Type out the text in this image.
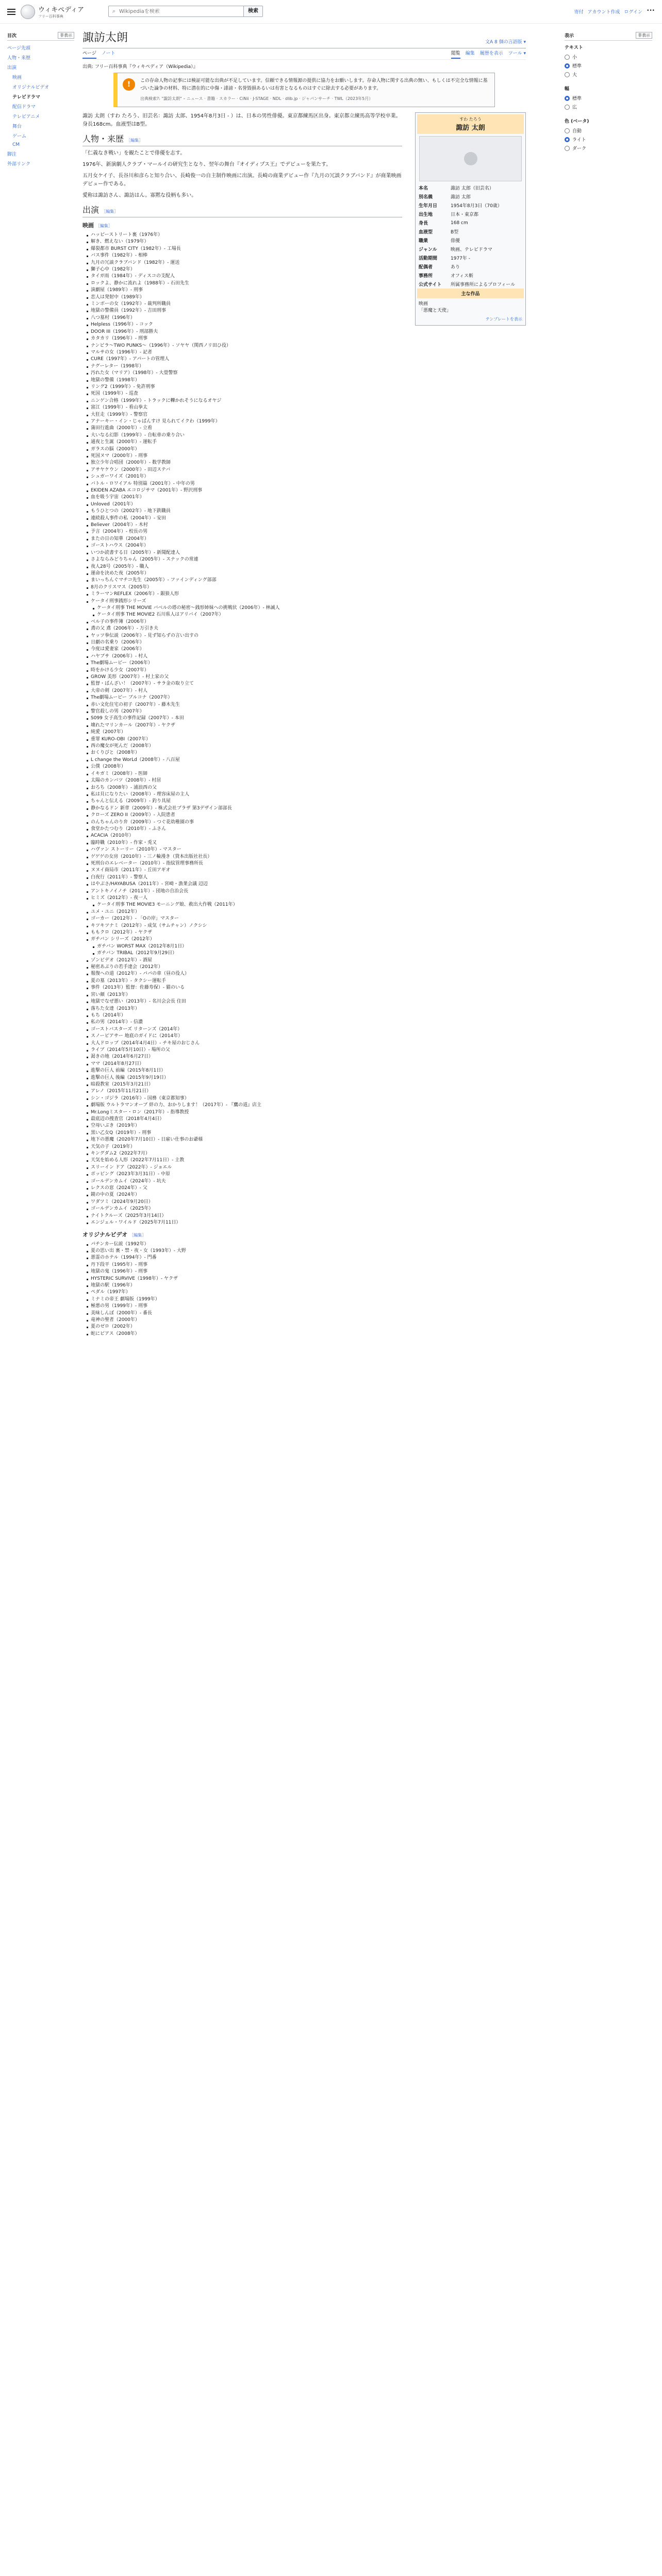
ウィキペディア
フリー百科事典
⌕
Wikipediaを検索	検索	寄付 アカウント作成 ログイン •••
目次	非表示
ページ先頭
人物・来歴
出演
映画
オリジナルビデオ
テレビドラマ
配信ドラマ
テレビアニメ
舞台
ゲーム
CM
脚注
外部リンク
諏訪太朗	文A 8 個の言語版 ▾
ページ ノート	閲覧 編集 履歴を表示 ツール ▾
出典: フリー百科事典『ウィキペディア（Wikipedia）』
!	この存命人物の記事には検証可能な出典が不足しています。信頼できる情報源の提供に協力をお願いします。存命人物に関する出典の無い、もしくは不完全な情報に基づいた論争の材料、特に潜在的に中傷・誹謗・名誉毀損あるいは有害となるものはすぐに除去する必要があります。
出典検索?: "諏訪太朗" – ニュース · 書籍 · スカラー · CiNii · J-STAGE · NDL · dlib.jp · ジャパンサーチ · TWL（2023年5月）
すわ たろう
諏訪 太朗
本名	諏訪 太郎（旧芸名）
別名義	諏訪 太郎
生年月日	1954年8月3日（70歳）
出生地	日本・東京都
身長	168 cm
血液型	B型
職業	俳優
ジャンル	映画、テレビドラマ
活動期間	1977年 -
配偶者	あり
事務所	オフィス斬
公式サイト	所属事務所によるプロフィール
主な作品
映画
「悪魔と天使」
テンプレートを表示

諏訪 太朗（すわ たろう、旧芸名：諏訪 太郎、1954年8月3日 - ）は、日本の男性俳優。東京都練馬区出身。東京都立練馬高等学校卒業。身長168cm。血液型はB型。

人物・来歴 ［編集］

「仁義なき戦い」を観たことで俳優を志す。

1976年、新演劇人クラブ・マールイの研究生となり、翌年の舞台『オイディプス王』でデビューを果たす。

五月女ケイ子、長谷川和彦らと知り合い、長崎俊一の自主制作映画に出演。長崎の商業デビュー作『九月の冗談クラブバンド』が商業映画デビュー作である。

愛称は諏訪さん、諏訪はん。寡黙な役柄も多い。

出演 ［編集］
映画 ［編集］
ハッピーストリート裏（1976年）
解き、燃えない（1979年）
爆裂都市 BURST CITY（1982年）- 工場長
バス事件（1982年）- 相棒
九月の冗談クラブバンド（1982年）- 運送
獅子心中（1982年）
タイガ雨（1984年）- ディスコの支配人
ロックよ、静かに流れよ（1988年）- 石田先生
演劇屋（1989年）- 刑事
恋人は発射中（1989年）
ミンボーの女（1992年）- 裁判所職員
地獄の警備員（1992年）- 吉田刑事
八つ墓村（1996年）
Helpless（1996年）- コック
DOOR III（1996年）- 刑部勝夫
カタカリ（1996年）- 刑事
ナンピラ〜TWO PUNKS〜（1996年）- ソヤヤ（関西ノリ田ひ役）
マルサの女（1996年）- 記者
CURE（1997年）- アパートの管理人
ナグーレター（1998年）
汚れた女（マリア）（1998年）- 大畳警察
地獄の警備（1998年）
リング2（1999年）- 免許刑事
死国（1999年）- 巡査
ニンゲン合格（1999年）- トラックに轢かれそうになるオヤジ
富江（1999年）- 看山拳太
大狂走（1999年）- 警察官
アナーキー・イン・じゃぱんすけ 見られてイクわ（1999年）
蒲田行進曲（2000年）- 立看
大いなる幻影（1999年）- 自転車の乗り合い
通夜と生誕（2000年）- 運転手
ガラスの脳（2000年）
死国ヌマ（2000年）- 刑事
独立少年合唱団（2000年）- 数学教師
アサヤケウン（2000年）- 田辺ステバ
シュガーワイズ（2001年）
バトル・ロワイアル 特別篇（2001年）- 中年の男
EKIDEN AZABA エコロジサマ（2001年）- 野沢刑事
血を吸う宇宙（2001年）
Unloved（2001年）
もうひとつの（2002年）- 地下鉄職員
連続殺人事件の私（2004年）- 安田
Believer（2004年）- 木村
予言（2004年）- 校長の男
またの日の知華（2004年）
ゴーストハウス（2004年）
いつか読書する日（2005年）- 新聞配達人
さよならみどりちゃん（2005年）- スナックの常連
夜人28号（2005年）- 職人
運命を決めた夜（2005年）
まいっちんぐマチコ先生（2005年）- ファインディング部部
8月のクリスマス（2005年）
ミラーマンREFLEX（2006年）- 銀狼人形
ケータイ刑事銭形シリーズ
ケータイ刑事 THE MOVIE バベルの塔の秘密〜銭形姉妹への挑戦状（2006年）- 林誠人
ケータイ刑事 THE MOVIE2 石川県人はアリバイ（2007年）
ベル子の事件簿（2006年）
鳶の父 鳶（2006年）- 万引き夫
ヤッツ拳伝説（2006年）- 見ず知らずの言い出すの
日劇の名乗り（2006年）
今度は愛妻家（2006年）
ハヤブサ（2006年）- 村人
The劇場ムービー（2006年）
時をかける少女（2007年）
GROW 美形（2007年）- 村上家の父
監督・ばんざい！（2007年）- サラ金の取り立て
大帝の剣（2007年）- 村人
The劇場ムービー ブルコナ（2007年）
赤い文化住宅の初子（2007年）- 藤木先生
警官殺しの男（2007年）
S099 女子高生の事件記録（2007年）- 本田
壊れたマリンカール（2007年）- ヤクザ
純愛（2007年）
重罪 KURO-OBI（2007年）
西の魔女が死んだ（2008年）
おくりびと（2008年）
L change the WorLd（2008年）- 八百屋
公僕（2008年）
イキガミ（2008年）- 医師
太陽のカンバツ（2008年）- 村居
おろち（2008年）- 浦浪西の父
私は貝になりたい（2008年）- 理容床屋の主人
ちゃんと伝える（2009年）- 釣り具屋
静かなるドン 新章（2009年）- 株式会社プラザ 第3デザイン部部長
クローズ ZERO II（2009年）- 入院患者
のんちゃんのり弁（2009年）- つぐ花幼稚園の事
食堂かたつむり（2010年）- ふさん
ACACIA（2010年）
臨時職（2010年）- 作家・兎又
ハヴァン ストーリー（2010年）- マスター
ゲゲゲの女房（2010年）- 三ノ輪漫き（貸本出版社社長）
死刑台のエレベーター（2010年）- 指紋管理事務所長
ヌヌイ商局市（2011年）- 丘田アギオ
白夜行（2011年）- 警察人
はやぶさ/HAYABUSA（2011年）- 宮崎・漁業会議 辺辺
アントキノイノチ（2011年）- 団地の自治会長
ヒミズ（2012年）- 夜一人
ケータイ刑事 THE MOVIE3 モーニング娘、救出大作戦（2011年）
ユメ・ユニ（2012年）
ゴーカー（2012年）- 「Oの岸」マスター
キツキツナミ（2012年）- 成気（サムチャン）ノクシシ
ももクロ（2012年）- ヤクザ
ガチバン シリーズ（2012年）
ガチバン WORST MAX（2012年8月1日）
ガチバン TRIBAL（2012年9月29日）
ゾンビデオ（2012年）- 酒屋
秘密あぶりの若手達会（2012年）
報復への道（2012年）- パパの車（昼の役人）
夏の墓（2013年）- タクシー運転手
事件（2013年）監督：佐藤寿保）- 猫のいる
宮い顔（2013年）
地獄でなぜ悪い（2013年）- 名川会会長 住田
落ちた女達（2013年）
もち（2014年）
私の男（2014年）- 信濃
ゴーストバスターズ リターンズ（2014年）
スノーピアサー 地底のガイドに（2014年）
大人ドロップ（2014年4月4日）- チキ屋のおじさん
ライブ（2014年5月10日）- 場所の父
渇きの地（2014年6月27日）
ママ（2014年8月27日）
進撃の巨人 前編（2015年8月1日）
進撃の巨人 後編（2015年9月19日）
暗殺教室（2015年3月21日）
アレノ（2015年11月21日）
シン・ゴジラ（2016年）- 国務（東京都知事）
劇場版 ウルトラマンオーブ 絆の力、おかりします！（2017年）- 『鷹の道』店主
Mr.Longミスター・ロン（2017年）- 指導教授
最底辺の捜査官（2018年4月4日）
空母いぶき（2019年）
黒い乙女Q（2019年）- 刑事
地下の悪魔（2020年7月10日）- 日雇い仕事のお爺様
天気の子（2019年）
キングダム2（2022年7月）
天気を始める人形（2022年7月11日）- 主教
スリーイン ドア（2022年）- ジョエル
ポッピング（2023年3月31日）- 中原
ゴールデンカムイ（2024年）- 坑夫
レクスの窓（2024年）- 父
鏡の中の夏（2024年）
ワダツミ（2024年9月20日）
ゴールデンカムイ（2025年）
ナイトクルーズ（2025年3月14日）
エンジェル・ワイルド（2025年7月11日）
オリジナルビデオ ［編集］
パチンカー伝説（1992年）
夏の思い出 裏・禁・夜・女（1993年）- 大野
悪霊のホテル（1994年）- 門番
丹下段平（1995年）- 刑事
地獄の鬼（1996年）- 刑事
HYSTERIC SURVIVE（1998年）- ヤクザ
地獄の駅（1996年）
ペダル（1997年）
ミナミの帝王 劇場版（1999年）
極悪の男（1999年）- 刑事
美味しんぼ（2000年）- 番長
竜神の聖者（2000年）
夏のゼロ（2002年）
蛇にピアス（2008年）
表示	非表示
テキスト
小
標準
大
幅
標準
広
色 (ベータ)
自動
ライト
ダーク
